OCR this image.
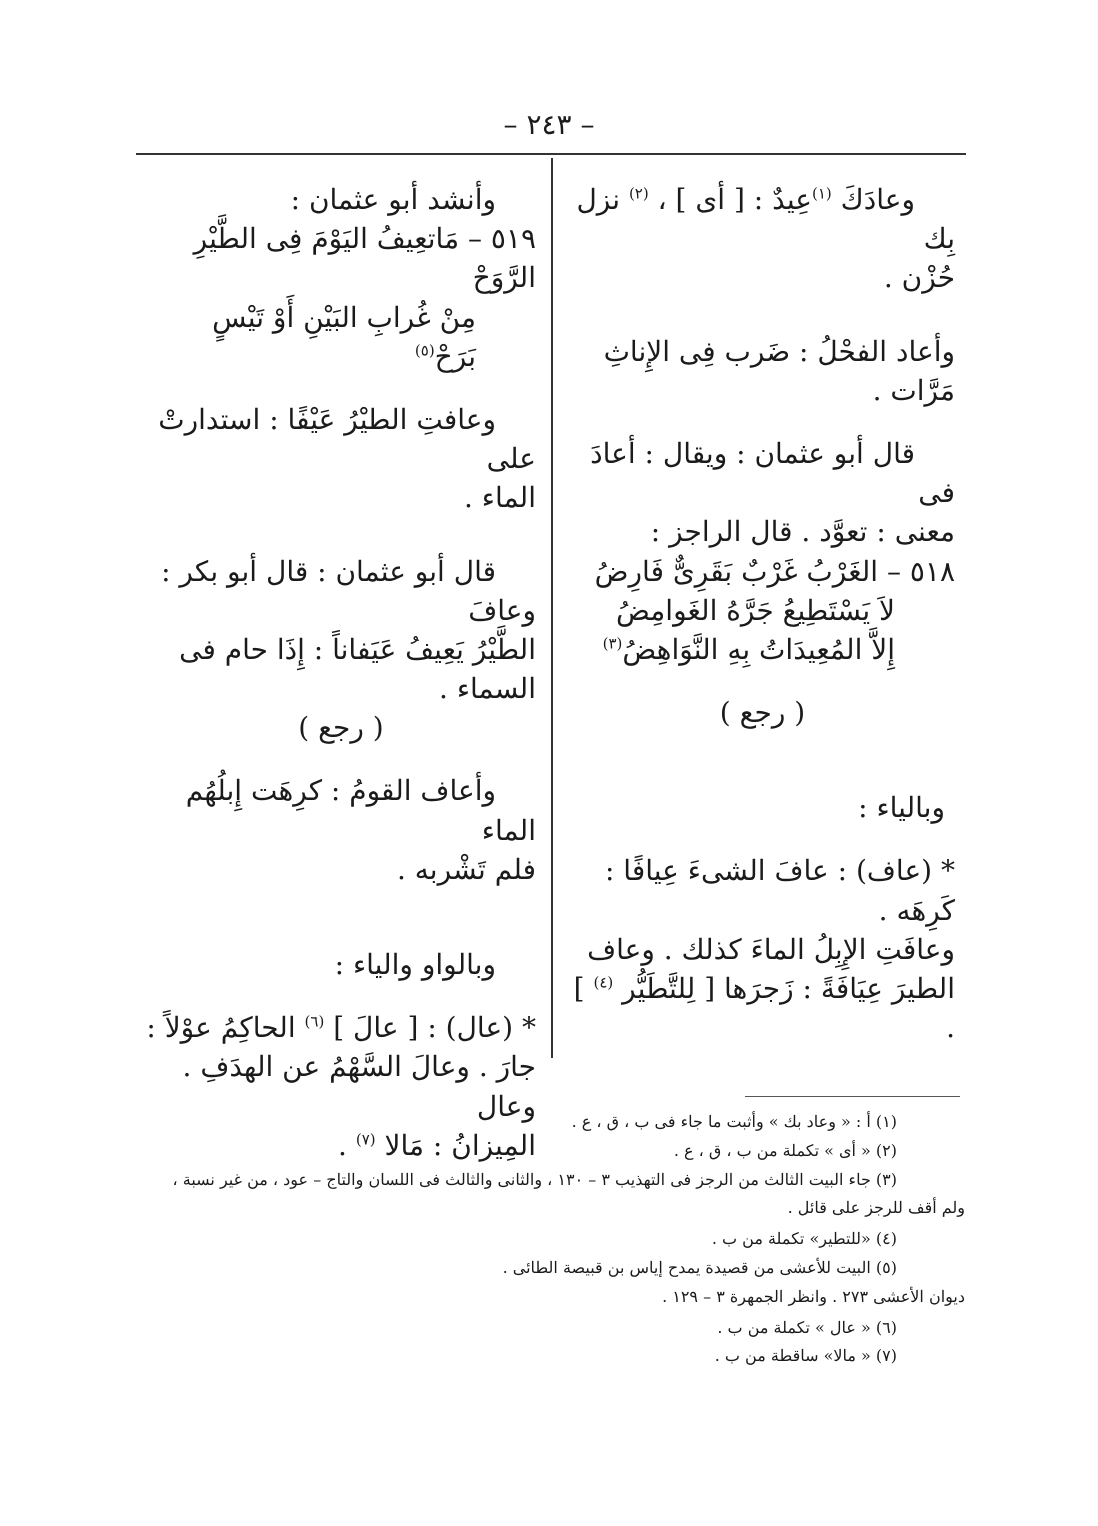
– ٢٤٣ –

وعادَكَ $^{(١)}$عِيدٌ : [ أى ] ، $^{(٢)}$ نزل بِك

حُزْن .

وأعاد الفحْلُ : ضَرب فِى الإِناثِ مَرَّات .

قال أبو عثمان : ويقال : أعادَ فى

معنى : تعوَّد . قال الراجز :

٥١٨ – الغَرْبُ غَرْبٌ بَقَرِىٌّ فَارِضُ

لاَ يَسْتَطِيعُ جَرَّهُ الغَوامِضُ

إِلاَّ المُعِيدَاتُ بِهِ النَّوَاهِضُ$^{(٣)}$

( رجع )

وبالياء :

* (عاف) : عافَ الشىءَ عِيافًا : كَرِهَه .

وعافَتِ الإِبِلُ الماءَ كذلك . وعاف

الطيرَ عِيَافَةً : زَجرَها [ لِلتَّطَيُّر $^{(٤)}$ ] .

وأنشد أبو عثمان :

٥١٩ – مَاتعِيفُ اليَوْمَ فِى الطَّيْرِ الرَّوَحْ

مِنْ غُرابِ البَيْنِ أَوْ تَيْسٍ بَرَحْ$^{(٥)}$

وعافتِ الطيْرُ عَيْفًا : استدارتْ على

الماء .

قال أبو عثمان : قال أبو بكر : وعافَ

الطَّيْرُ يَعِيفُ عَيَفاناً : إِذَا حام فى السماء .

( رجع )

وأعاف القومُ : كرِهَت إِبلُهُم الماء

فلم تَشْربه .

وبالواو والياء :

* (عال) : [ عالَ ] $^{(٦)}$ الحاكِمُ عوْلاً :

جارَ . وعالَ السَّهْمُ عن الهدَفِ . وعال

المِيزانُ : مَالا $^{(٧)}$ .

(١) أ : « وعاد بك » وأثبت ما جاء فى ب ، ق ، ع .

(٢) « أى » تكملة من ب ، ق ، ع .

(٣) جاء البيت الثالث من الرجز فى التهذيب ٣ – ١٣٠ ، والثانى والثالث فى اللسان والتاج – عود ، من غير نسبة ،

ولم أقف للرجز على قائل .

(٤) «للتطير» تكملة من ب .

(٥) البيت للأعشى من قصيدة يمدح إياس بن قبيصة الطائى .

ديوان الأعشى ٢٧٣ . وانظر الجمهرة ٣ – ١٢٩ .

(٦) « عال » تكملة من ب .

(٧) « مالا» ساقطة من ب .
